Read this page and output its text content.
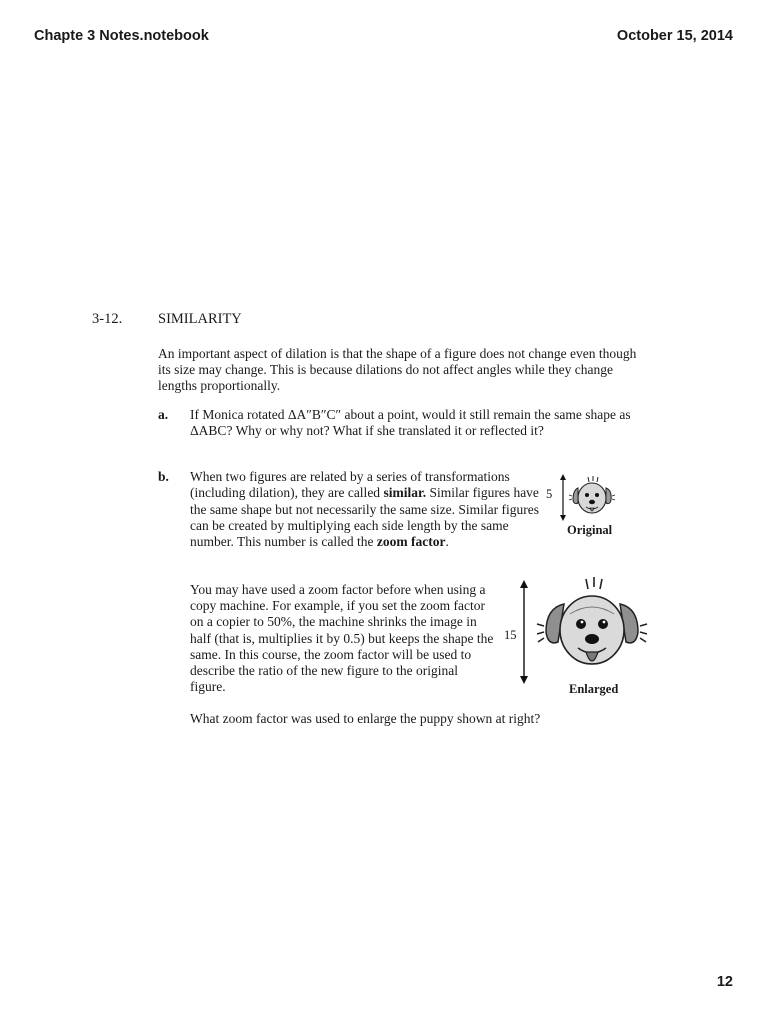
Chapte 3 Notes.notebook	October 15, 2014
3-12. SIMILARITY
An important aspect of dilation is that the shape of a figure does not change even though its size may change. This is because dilations do not affect angles while they change lengths proportionally.
a. If Monica rotated ΔA″B″C″ about a point, would it still remain the same shape as ΔABC? Why or why not? What if she translated it or reflected it?
b. When two figures are related by a series of transformations (including dilation), they are called similar. Similar figures have the same shape but not necessarily the same size. Similar figures can be created by multiplying each side length by the same number. This number is called the zoom factor.
You may have used a zoom factor before when using a copy machine. For example, if you set the zoom factor on a copier to 50%, the machine shrinks the image in half (that is, multiplies it by 0.5) but keeps the shape the same. In this course, the zoom factor will be used to describe the ratio of the new figure to the original figure.
What zoom factor was used to enlarge the puppy shown at right?
5
Original
15
Enlarged
12
